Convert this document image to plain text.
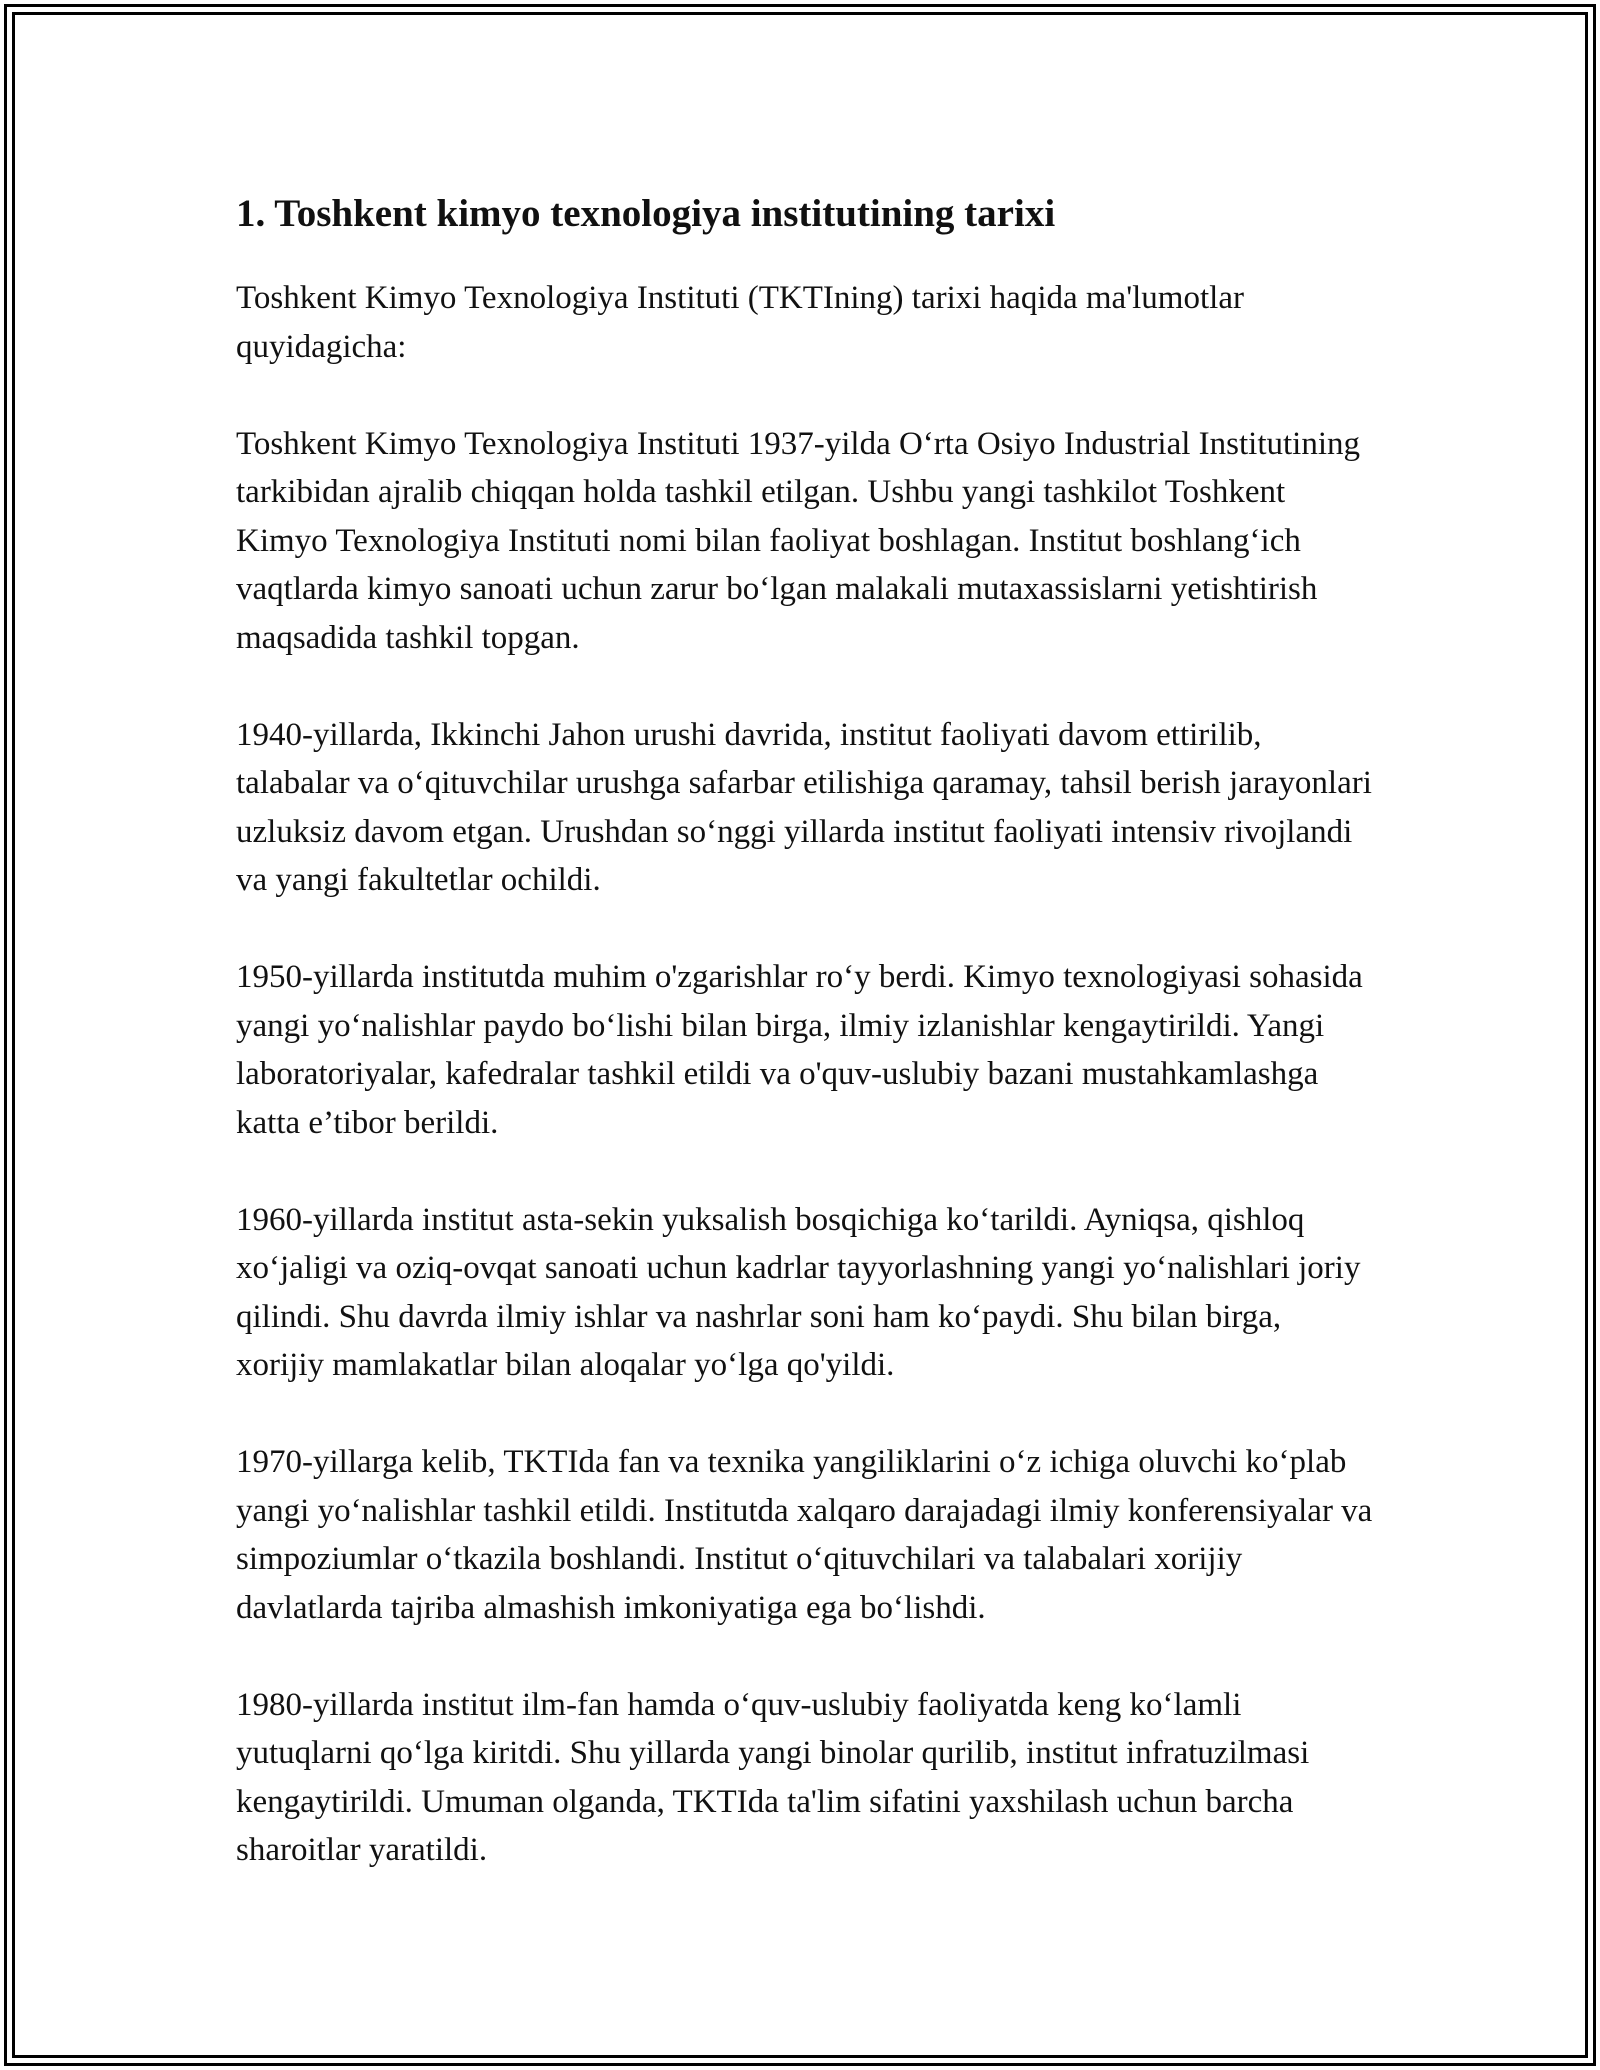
1. Toshkent kimyo texnologiya institutining tarixi

Toshkent Kimyo Texnologiya Instituti (TKTIning) tarixi haqida ma'lumotlar quyidagicha:

Toshkent Kimyo Texnologiya Instituti 1937-yilda O‘rta Osiyo Industrial Institutining tarkibidan ajralib chiqqan holda tashkil etilgan. Ushbu yangi tashkilot Toshkent Kimyo Texnologiya Instituti nomi bilan faoliyat boshlagan. Institut boshlang‘ich vaqtlarda kimyo sanoati uchun zarur bo‘lgan malakali mutaxassislarni yetishtirish maqsadida tashkil topgan.

1940-yillarda, Ikkinchi Jahon urushi davrida, institut faoliyati davom ettirilib, talabalar va o‘qituvchilar urushga safarbar etilishiga qaramay, tahsil berish jarayonlari uzluksiz davom etgan. Urushdan so‘nggi yillarda institut faoliyati intensiv rivojlandi va yangi fakultetlar ochildi.

1950-yillarda institutda muhim o'zgarishlar ro‘y berdi. Kimyo texnologiyasi sohasida yangi yo‘nalishlar paydo bo‘lishi bilan birga, ilmiy izlanishlar kengaytirildi. Yangi laboratoriyalar, kafedralar tashkil etildi va o'quv-uslubiy bazani mustahkamlashga katta e’tibor berildi.

1960-yillarda institut asta-sekin yuksalish bosqichiga ko‘tarildi. Ayniqsa, qishloq xo‘jaligi va oziq-ovqat sanoati uchun kadrlar tayyorlashning yangi yo‘nalishlari joriy qilindi. Shu davrda ilmiy ishlar va nashrlar soni ham ko‘paydi. Shu bilan birga, xorijiy mamlakatlar bilan aloqalar yo‘lga qo'yildi.

1970-yillarga kelib, TKTIda fan va texnika yangiliklarini o‘z ichiga oluvchi ko‘plab yangi yo‘nalishlar tashkil etildi. Institutda xalqaro darajadagi ilmiy konferensiyalar va simpoziumlar o‘tkazila boshlandi. Institut o‘qituvchilari va talabalari xorijiy davlatlarda tajriba almashish imkoniyatiga ega bo‘lishdi.

1980-yillarda institut ilm-fan hamda o‘quv-uslubiy faoliyatda keng ko‘lamli yutuqlarni qo‘lga kiritdi. Shu yillarda yangi binolar qurilib, institut infratuzilmasi kengaytirildi. Umuman olganda, TKTIda ta'lim sifatini yaxshilash uchun barcha sharoitlar yaratildi.
